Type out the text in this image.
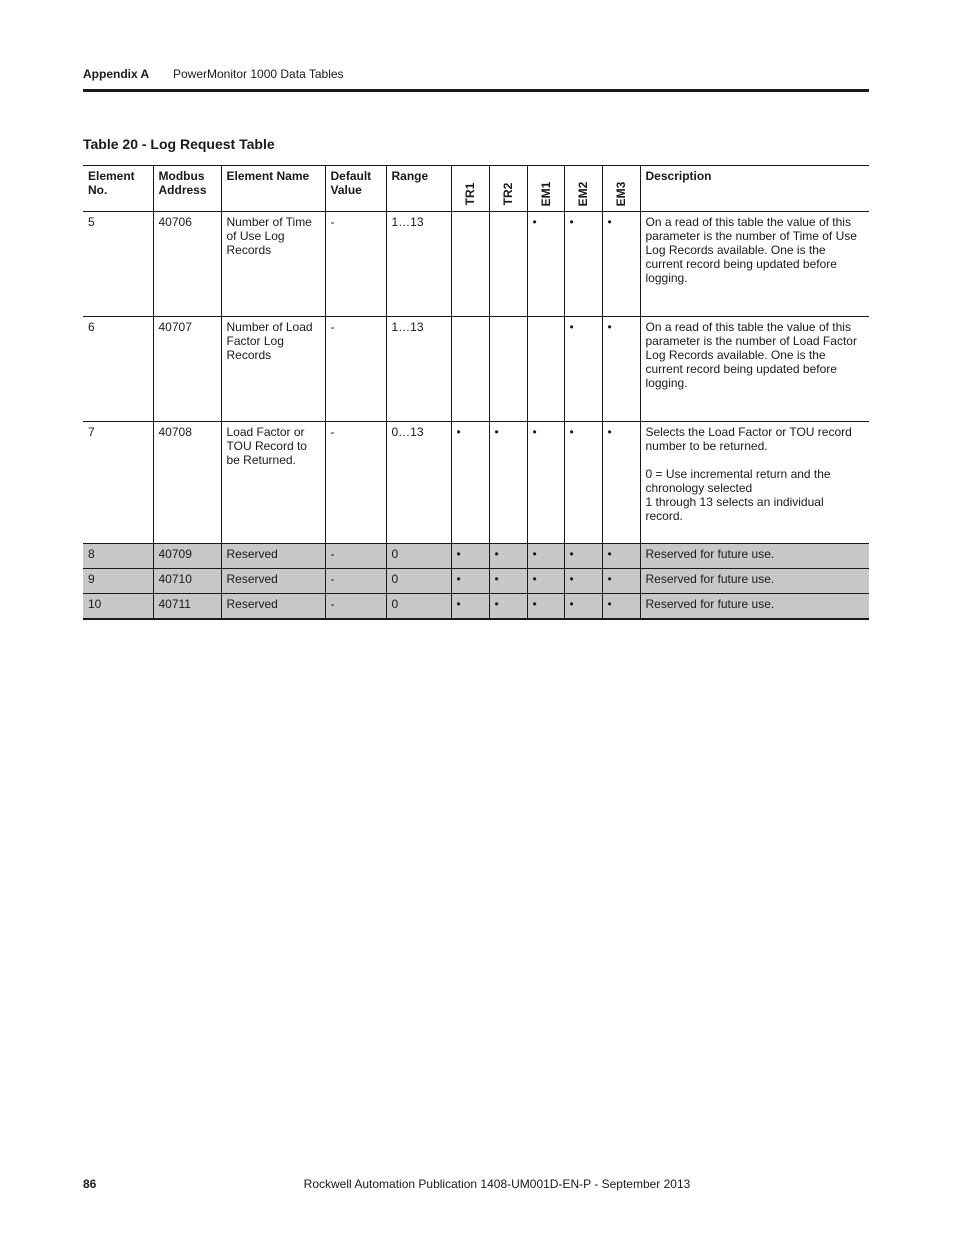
Appendix A PowerMonitor 1000 Data Tables
Table 20 - Log Request Table
Element No.	Modbus Address	Element Name	Default Value	Range	TR1	TR2	EM1	EM2	EM3	Description
5	40706	Number of Time of Use Log Records	-	1…13			•	•	•	On a read of this table the value of this parameter is the number of Time of Use Log Records available. One is the current record being updated before logging.
6	40707	Number of Load Factor Log Records	-	1…13				•	•	On a read of this table the value of this parameter is the number of Load Factor Log Records available. One is the current record being updated before logging.
7	40708	Load Factor or TOU Record to be Returned.	-	0…13	•	•	•	•	•	Selects the Load Factor or TOU record number to be returned.
0 = Use incremental return and the chronology selected
1 through 13 selects an individual record.

8	40709	Reserved	-	0	•	•	•	•	•	Reserved for future use.
9	40710	Reserved	-	0	•	•	•	•	•	Reserved for future use.
10	40711	Reserved	-	0	•	•	•	•	•	Reserved for future use.
86	Rockwell Automation Publication 1408-UM001D-EN-P - September 2013
